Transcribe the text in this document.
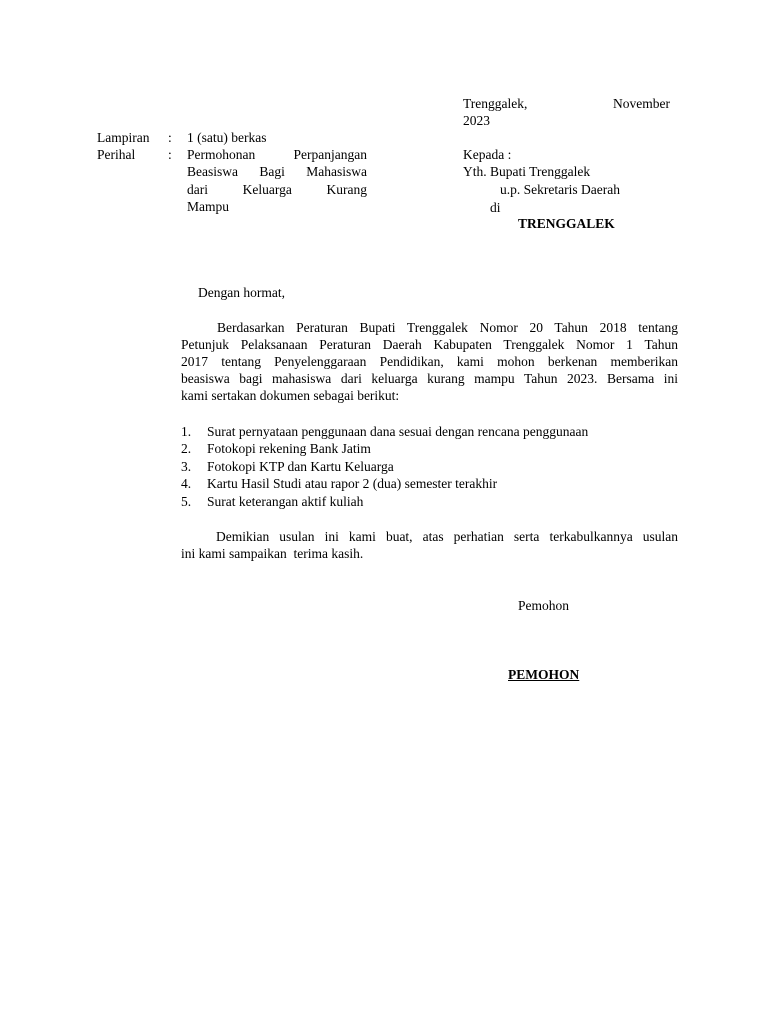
Trenggalek,	November
2023
Kepada :
Yth. Bupati Trenggalek
u.p. Sekretaris Daerah
di
TRENGGALEK
Lampiran	:	1 (satu) berkas
Perihal	:	Permohonan Perpanjangan
Beasiswa Bagi Mahasiswa
dari Keluarga Kurang
Mampu
Dengan hormat,
Berdasarkan Peraturan Bupati Trenggalek Nomor 20 Tahun 2018 tentang
Petunjuk Pelaksanaan Peraturan Daerah Kabupaten Trenggalek Nomor 1 Tahun
2017 tentang Penyelenggaraan Pendidikan, kami mohon berkenan memberikan
beasiswa bagi mahasiswa dari keluarga kurang mampu Tahun 2023. Bersama ini
kami sertakan dokumen sebagai berikut:
1.	Surat pernyataan penggunaan dana sesuai dengan rencana penggunaan
2.	Fotokopi rekening Bank Jatim
3.	Fotokopi KTP dan Kartu Keluarga
4.	Kartu Hasil Studi atau rapor 2 (dua) semester terakhir
5.	Surat keterangan aktif kuliah
Demikian usulan ini kami buat, atas perhatian serta terkabulkannya usulan
ini kami sampaikan  terima kasih.
Pemohon
PEMOHON
